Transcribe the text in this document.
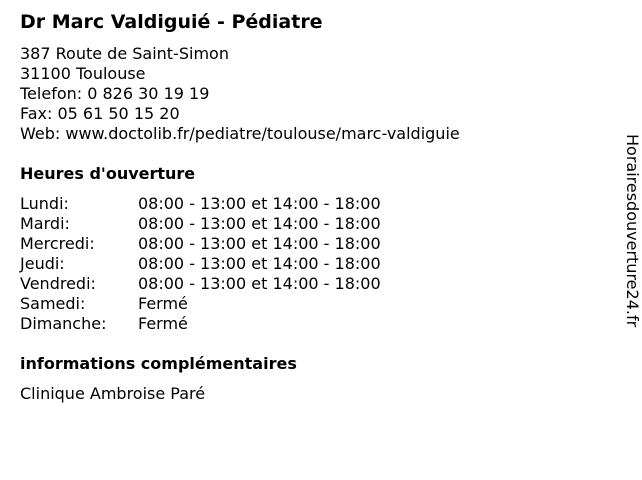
Dr Marc Valdiguié - Pédiatre
387 Route de Saint-Simon
31100 Toulouse
Telefon: 0 826 30 19 19
Fax: 05 61 50 15 20
Web: www.doctolib.fr/pediatre/toulouse/marc-valdiguie
Heures d'ouverture
Lundi:	08:00 - 13:00 et 14:00 - 18:00
Mardi:	08:00 - 13:00 et 14:00 - 18:00
Mercredi:	08:00 - 13:00 et 14:00 - 18:00
Jeudi:	08:00 - 13:00 et 14:00 - 18:00
Vendredi:	08:00 - 13:00 et 14:00 - 18:00
Samedi:	Fermé
Dimanche:	Fermé
informations complémentaires
Clinique Ambroise Paré
Horairesdouverture24.fr
